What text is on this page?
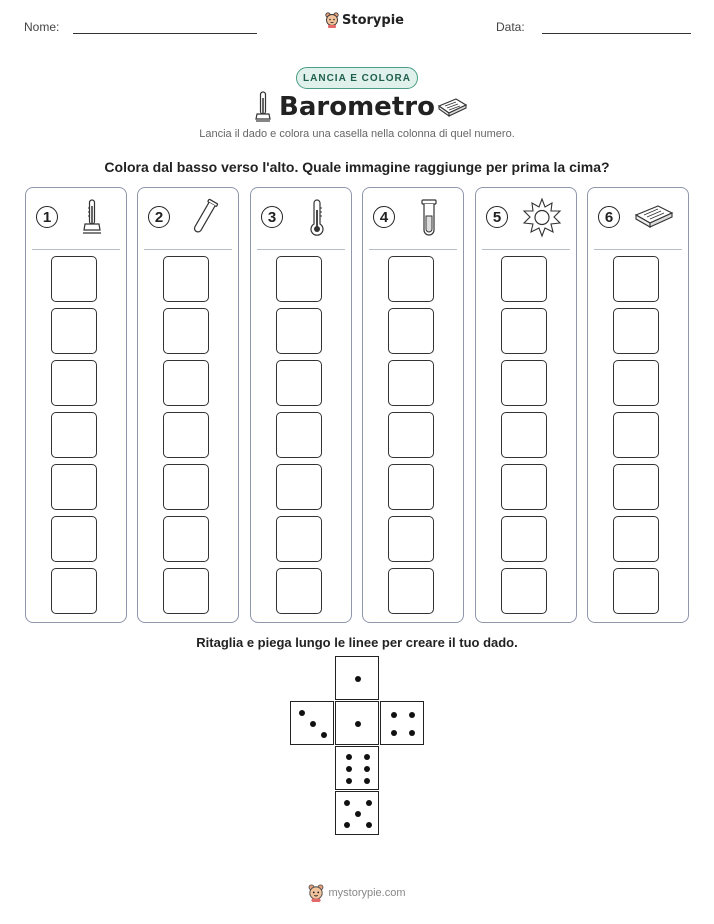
Nome:	Storypie	Data:
LANCIA E COLORA
Barometro
Lancia il dado e colora una casella nella colonna di quel numero.
Colora dal basso verso l'alto. Quale immagine raggiunge per prima la cima?
1	2	3	4	5	6
Ritaglia e piega lungo le linee per creare il tuo dado.
mystorypie.com
